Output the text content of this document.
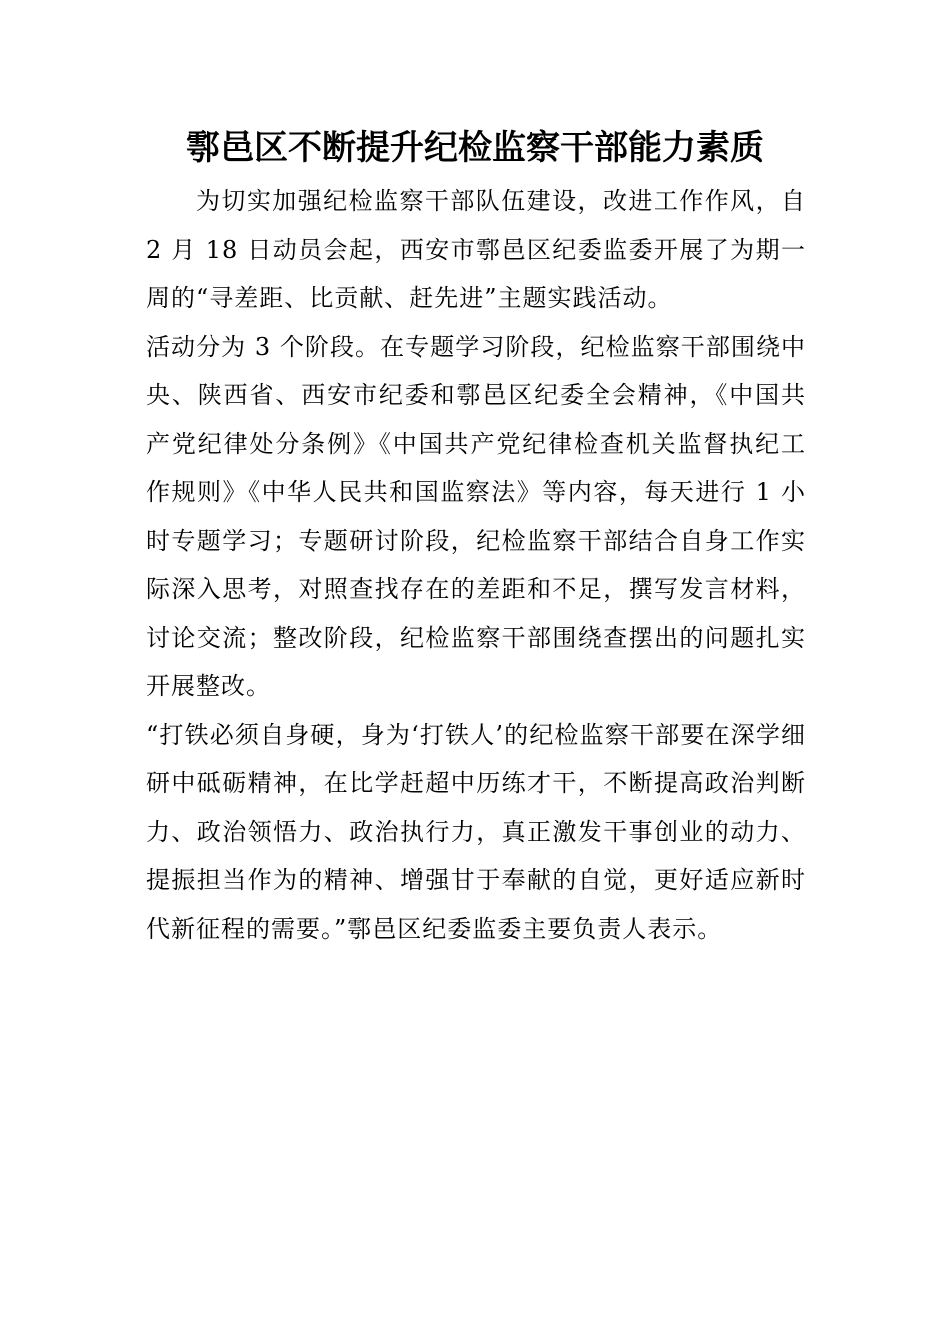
鄠邑区不断提升纪检监察干部能力素质

为切实加强纪检监察干部队伍建设，改进工作作风，自 2 月 18 日动员会起，西安市鄠邑区纪委监委开展了为期一周的“寻差距、比贡献、赶先进”主题实践活动。

活动分为 3 个阶段。在专题学习阶段，纪检监察干部围绕中央、陕西省、西安市纪委和鄠邑区纪委全会精神，《中国共产党纪律处分条例》《中国共产党纪律检查机关监督执纪工作规则》《中华人民共和国监察法》等内容，每天进行 1 小时专题学习；专题研讨阶段，纪检监察干部结合自身工作实际深入思考，对照查找存在的差距和不足，撰写发言材料，讨论交流；整改阶段，纪检监察干部围绕查摆出的问题扎实开展整改。

“打铁必须自身硬，身为‘打铁人’的纪检监察干部要在深学细研中砥砺精神，在比学赶超中历练才干，不断提高政治判断力、政治领悟力、政治执行力，真正激发干事创业的动力、提振担当作为的精神、增强甘于奉献的自觉，更好适应新时代新征程的需要。”鄠邑区纪委监委主要负责人表示。
